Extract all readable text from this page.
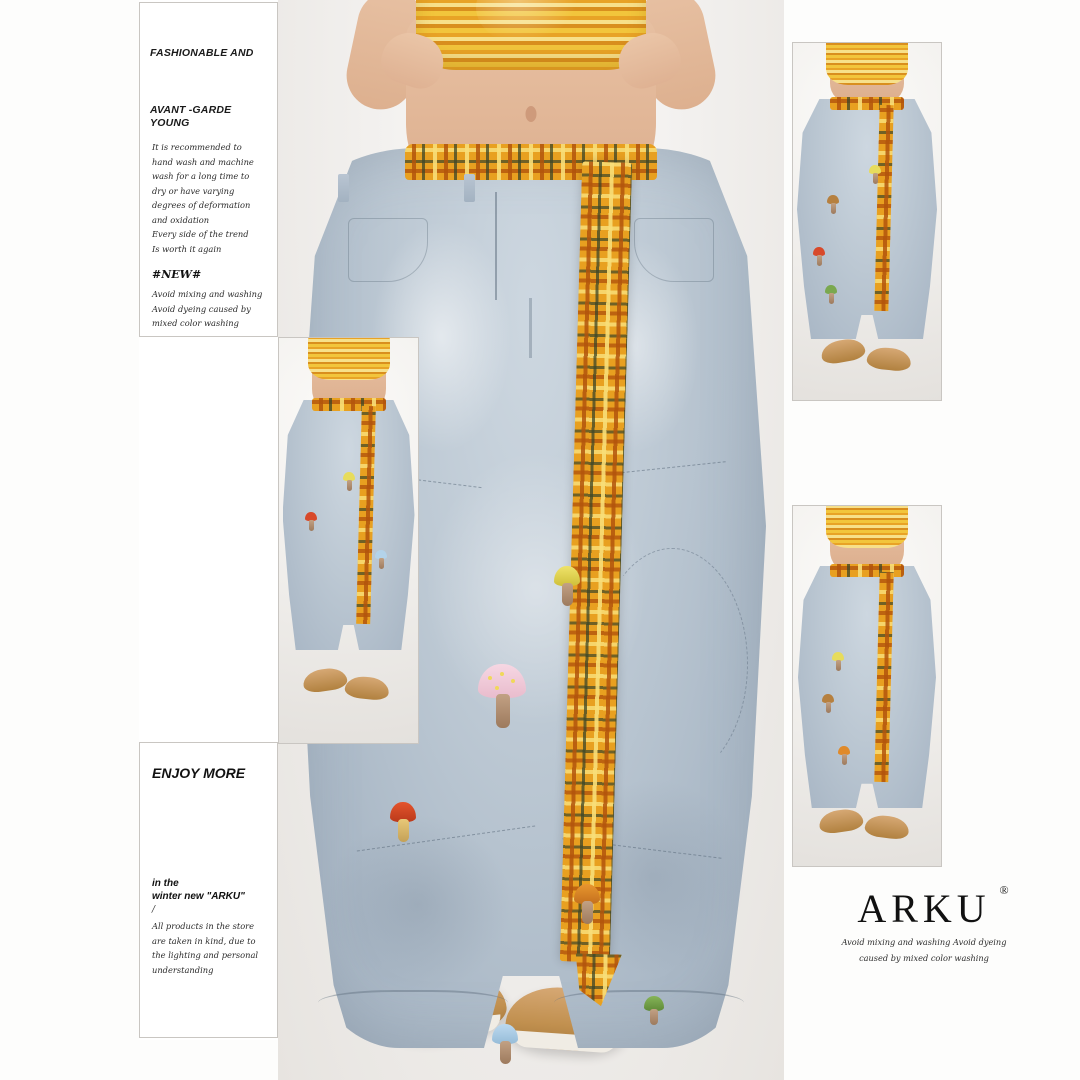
FASHIONABLE AND
AVANT -GARDE YOUNG

It is recommended to hand wash and machine wash for a long time to dry or have varying degrees of deformation and oxidation

Every side of the trend

Is worth it again

#NEW#

Avoid mixing and washing Avoid dyeing caused by mixed color washing

ENJOY MORE
in the
winter new "ARKU"
/

All products in the store are taken in kind, due to the lighting and personal understanding

ARKU ®
Avoid mixing and washing Avoid dyeing
caused by mixed color washing
